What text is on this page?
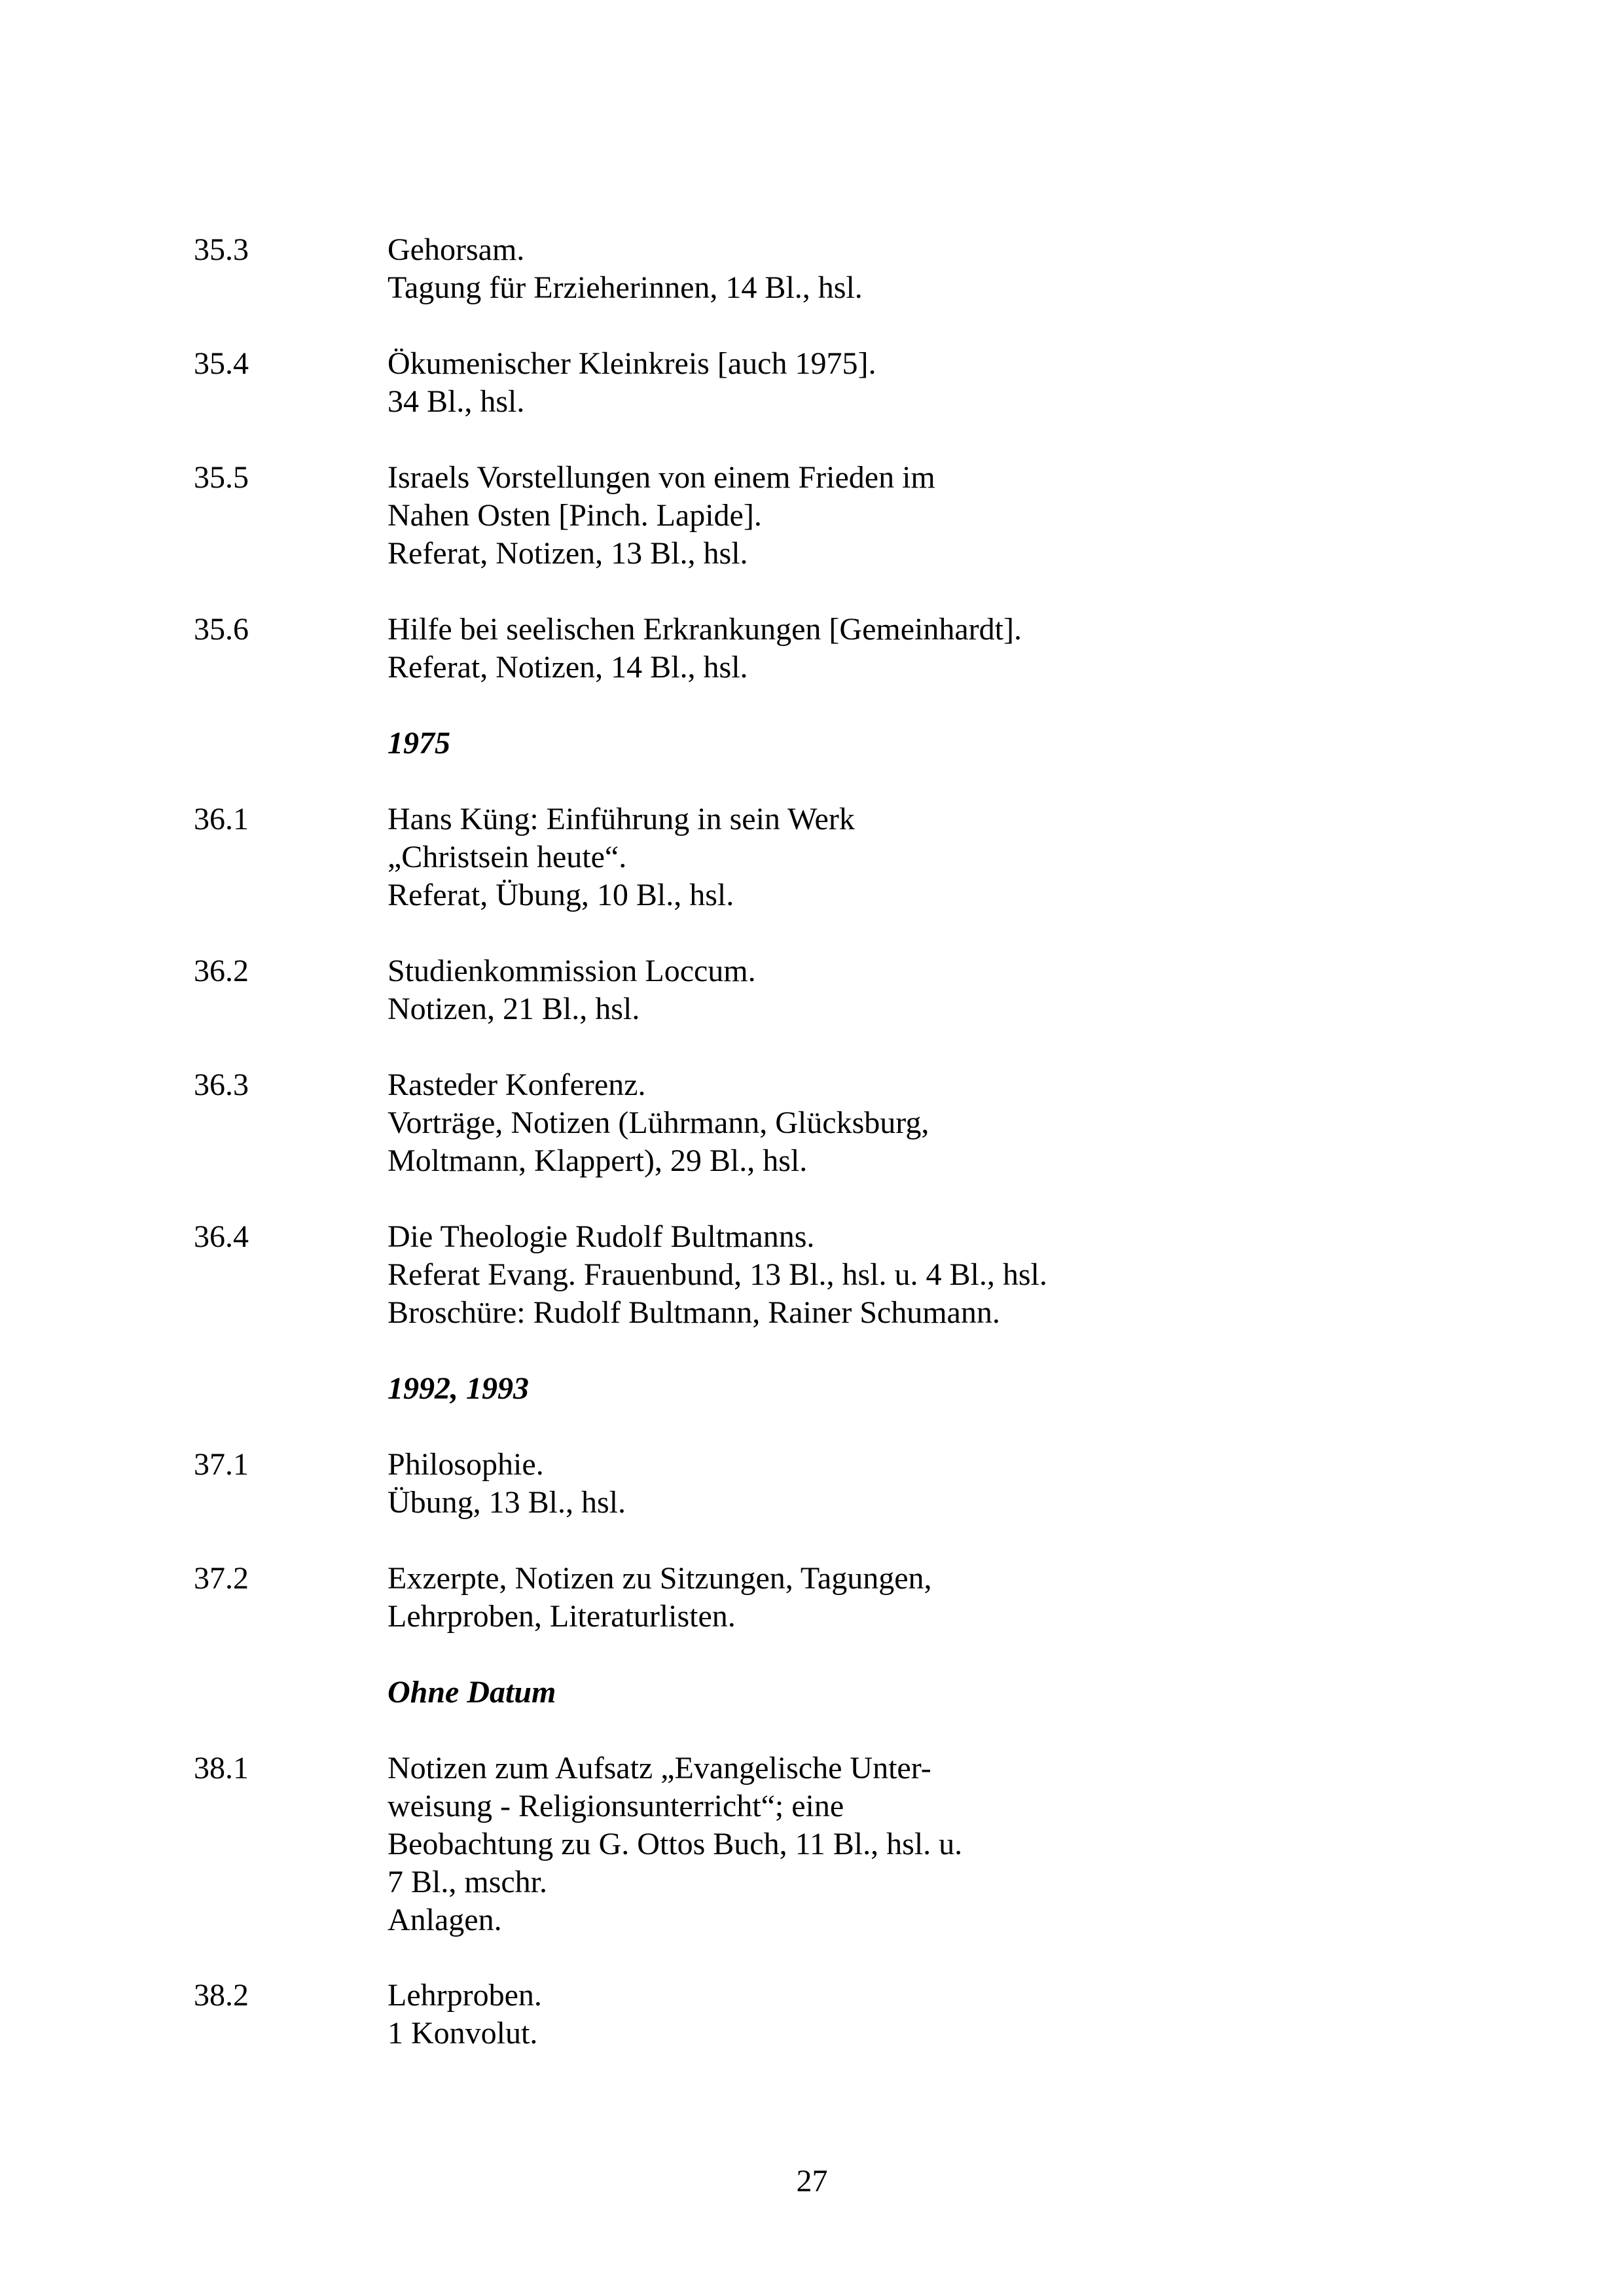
35.3	Gehorsam.
Tagung für Erzieherinnen, 14 Bl., hsl.
35.4	Ökumenischer Kleinkreis [auch 1975].
34 Bl., hsl.
35.5	Israels Vorstellungen von einem Frieden im
Nahen Osten [Pinch. Lapide].
Referat, Notizen, 13 Bl., hsl.
35.6	Hilfe bei seelischen Erkrankungen [Gemeinhardt].
Referat, Notizen, 14 Bl., hsl.
1975
36.1	Hans Küng: Einführung in sein Werk
„Christsein heute“.
Referat, Übung, 10 Bl., hsl.
36.2	Studienkommission Loccum.
Notizen, 21 Bl., hsl.
36.3	Rasteder Konferenz.
Vorträge, Notizen (Lührmann, Glücksburg,
Moltmann, Klappert), 29 Bl., hsl.
36.4	Die Theologie Rudolf Bultmanns.
Referat Evang. Frauenbund, 13 Bl., hsl. u. 4 Bl., hsl.
Broschüre: Rudolf Bultmann, Rainer Schumann.
1992, 1993
37.1	Philosophie.
Übung, 13 Bl., hsl.
37.2	Exzerpte, Notizen zu Sitzungen, Tagungen,
Lehrproben, Literaturlisten.
Ohne Datum
38.1	Notizen zum Aufsatz „Evangelische Unter-
weisung - Religionsunterricht“; eine
Beobachtung zu G. Ottos Buch, 11 Bl., hsl. u.
7 Bl., mschr.
Anlagen.
38.2	Lehrproben.
1 Konvolut.
27
